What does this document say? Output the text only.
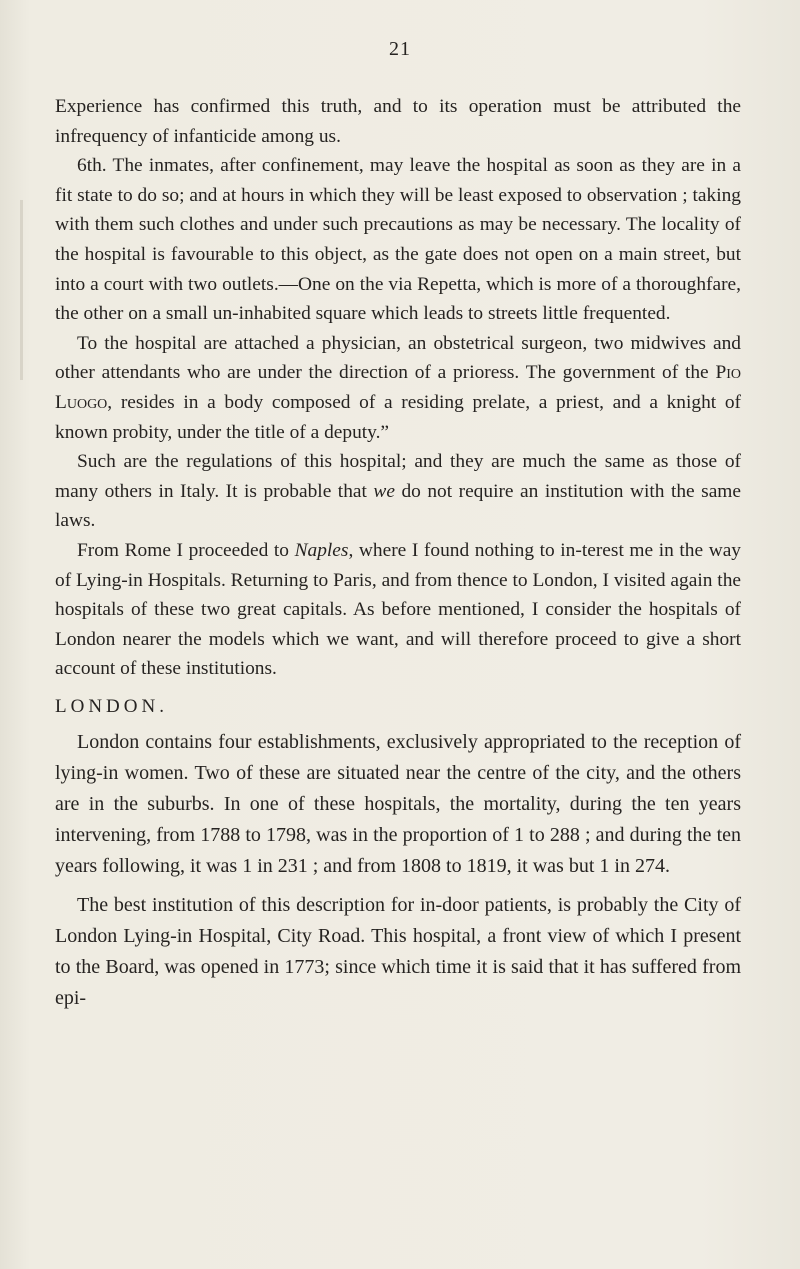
21

Experience has confirmed this truth, and to its operation must be attributed the infrequency of infanticide among us.

6th. The inmates, after confinement, may leave the hospital as soon as they are in a fit state to do so; and at hours in which they will be least exposed to observation ; taking with them such clothes and under such precautions as may be necessary. The locality of the hospital is favourable to this object, as the gate does not open on a main street, but into a court with two outlets.—One on the via Repetta, which is more of a thoroughfare, the other on a small un-inhabited square which leads to streets little frequented.

To the hospital are attached a physician, an obstetrical surgeon, two midwives and other attendants who are under the direction of a prioress. The government of the Pio Luogo, resides in a body composed of a residing prelate, a priest, and a knight of known probity, under the title of a deputy.”

Such are the regulations of this hospital; and they are much the same as those of many others in Italy. It is probable that we do not require an institution with the same laws.

From Rome I proceeded to Naples, where I found nothing to in-terest me in the way of Lying-in Hospitals. Returning to Paris, and from thence to London, I visited again the hospitals of these two great capitals. As before mentioned, I consider the hospitals of London nearer the models which we want, and will therefore proceed to give a short account of these institutions.

LONDON.

London contains four establishments, exclusively appropriated to the reception of lying-in women. Two of these are situated near the centre of the city, and the others are in the suburbs. In one of these hospitals, the mortality, during the ten years intervening, from 1788 to 1798, was in the proportion of 1 to 288 ; and during the ten years following, it was 1 in 231 ; and from 1808 to 1819, it was but 1 in 274.

The best institution of this description for in-door patients, is probably the City of London Lying-in Hospital, City Road. This hospital, a front view of which I present to the Board, was opened in 1773; since which time it is said that it has suffered from epi-
